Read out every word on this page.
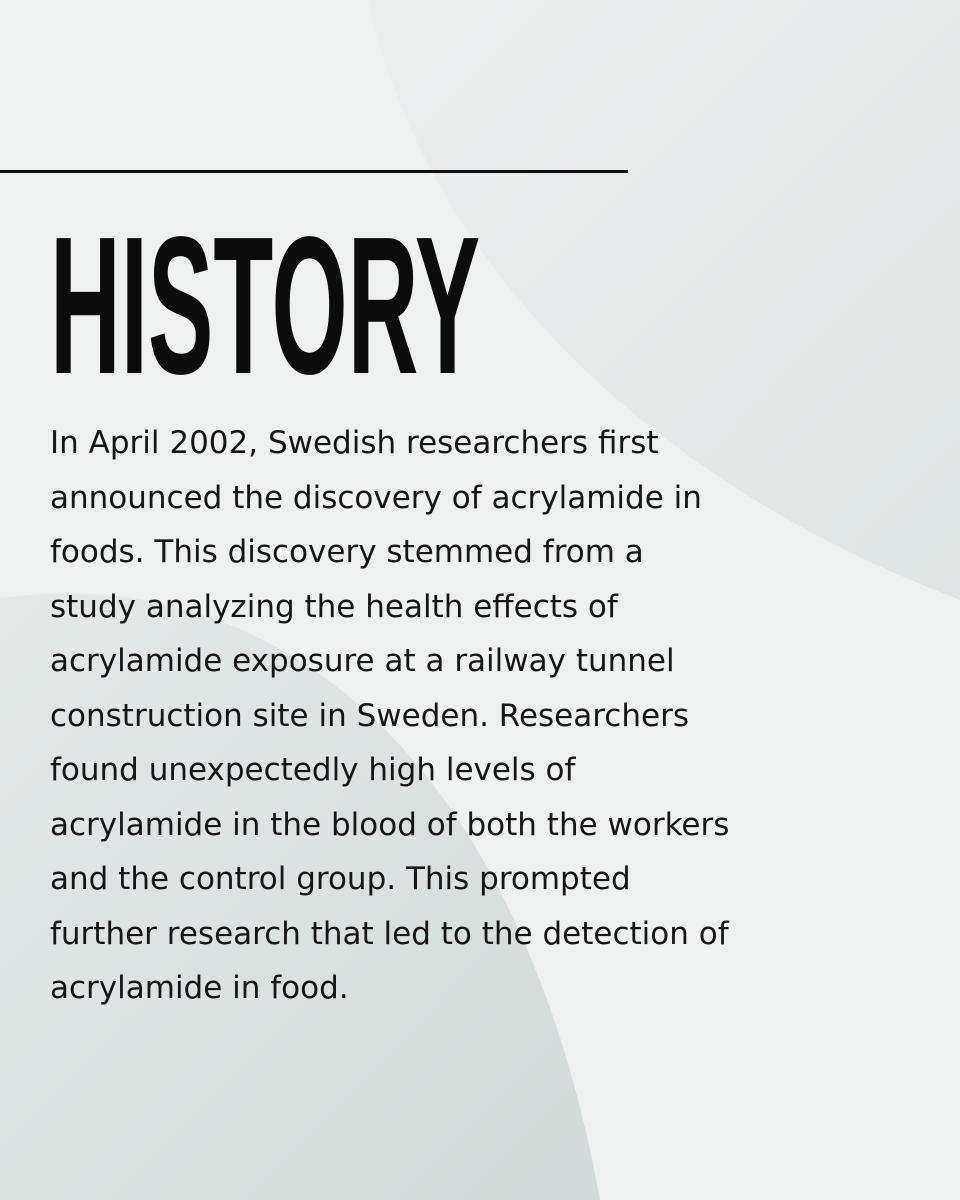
HISTORY
In April 2002, Swedish researchers first
announced the discovery of acrylamide in
foods. This discovery stemmed from a
study analyzing the health effects of
acrylamide exposure at a railway tunnel
construction site in Sweden. Researchers
found unexpectedly high levels of
acrylamide in the blood of both the workers
and the control group. This prompted
further research that led to the detection of
acrylamide in food.
